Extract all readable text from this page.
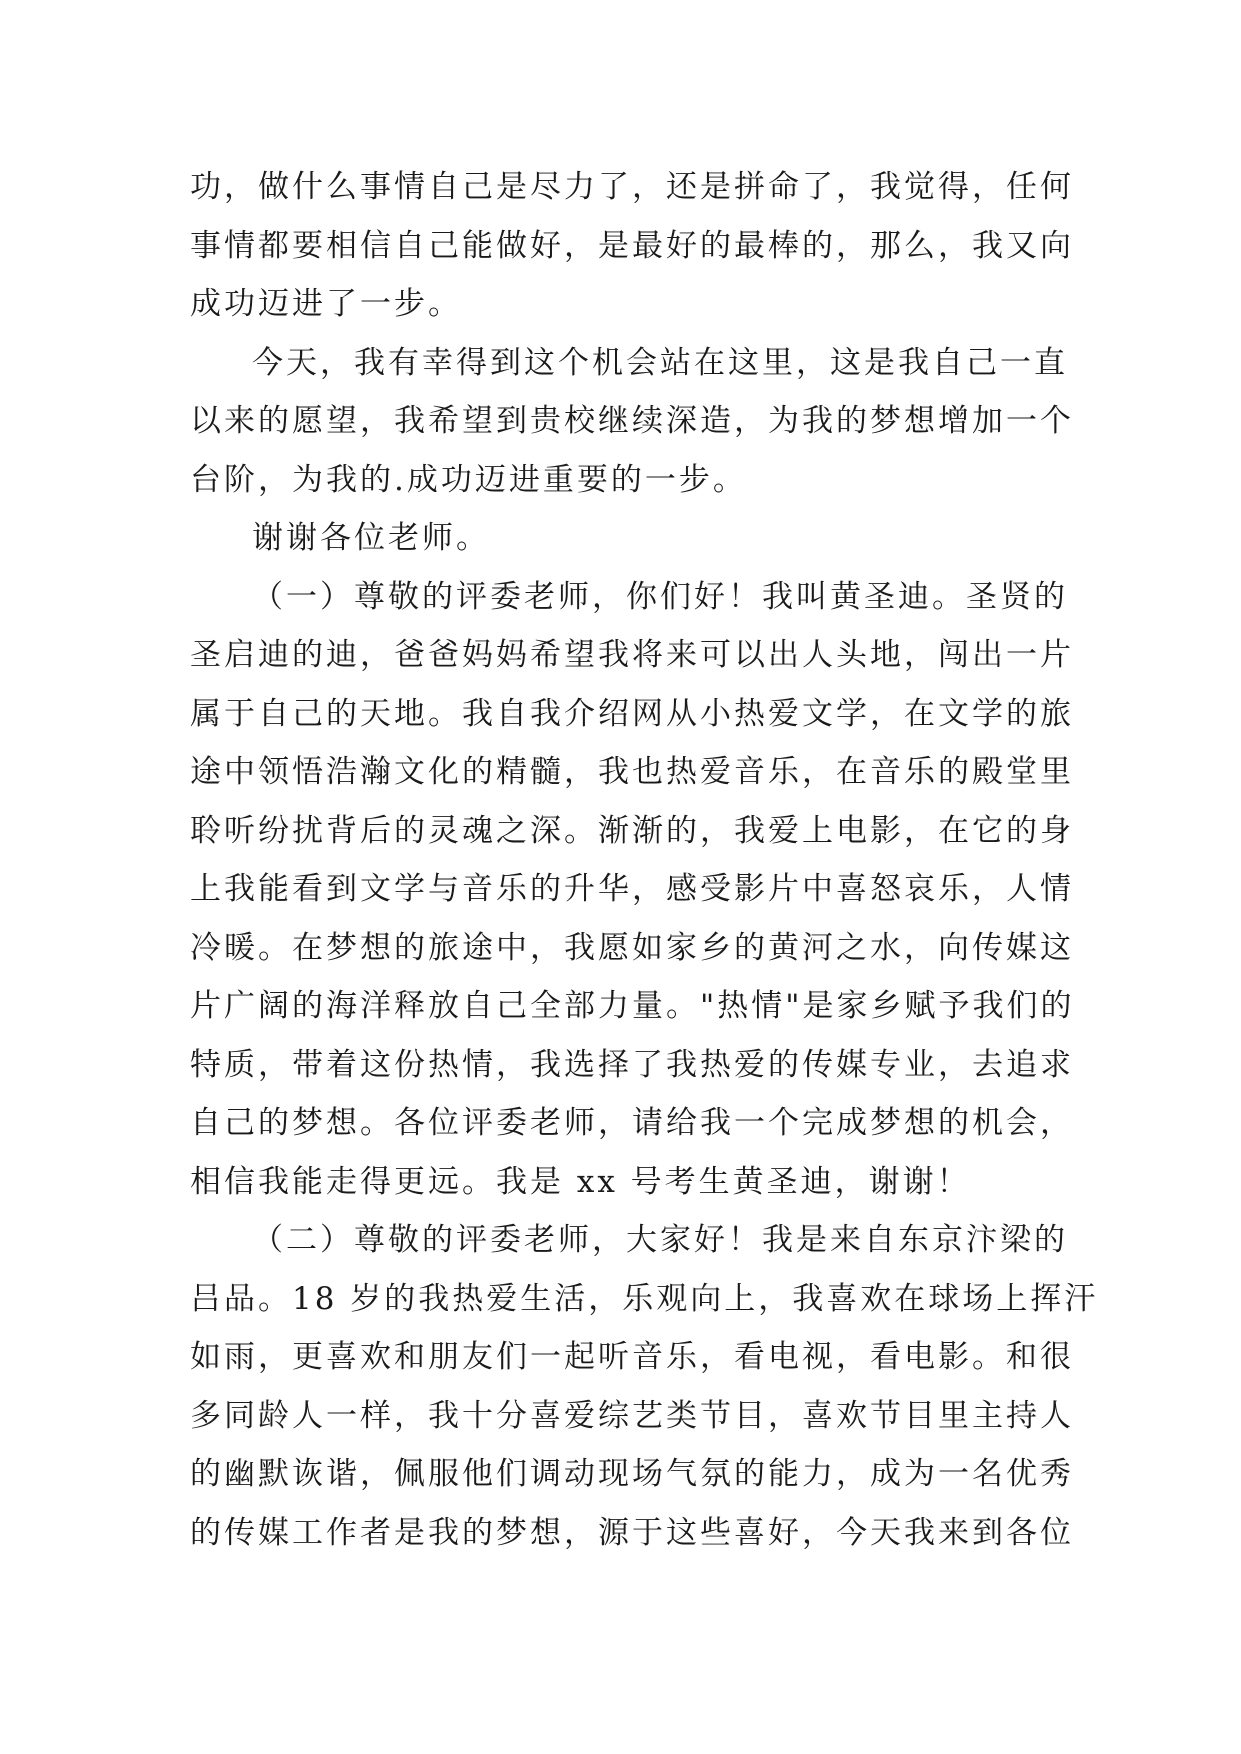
功，做什么事情自己是尽力了，还是拼命了，我觉得，任何
事情都要相信自己能做好，是最好的最棒的，那么，我又向
成功迈进了一步。
今天，我有幸得到这个机会站在这里，这是我自己一直
以来的愿望，我希望到贵校继续深造，为我的梦想增加一个
台阶，为我的.成功迈进重要的一步。
谢谢各位老师。
（一）尊敬的评委老师，你们好！我叫黄圣迪。圣贤的
圣启迪的迪，爸爸妈妈希望我将来可以出人头地，闯出一片
属于自己的天地。我自我介绍网从小热爱文学，在文学的旅
途中领悟浩瀚文化的精髓，我也热爱音乐，在音乐的殿堂里
聆听纷扰背后的灵魂之深。渐渐的，我爱上电影，在它的身
上我能看到文学与音乐的升华，感受影片中喜怒哀乐，人情
冷暖。在梦想的旅途中，我愿如家乡的黄河之水，向传媒这
片广阔的海洋释放自己全部力量。"热情"是家乡赋予我们的
特质，带着这份热情，我选择了我热爱的传媒专业，去追求
自己的梦想。各位评委老师，请给我一个完成梦想的机会，
相信我能走得更远。我是 xx 号考生黄圣迪，谢谢！
（二）尊敬的评委老师，大家好！我是来自东京汴梁的
吕品。18 岁的我热爱生活，乐观向上，我喜欢在球场上挥汗
如雨，更喜欢和朋友们一起听音乐，看电视，看电影。和很
多同龄人一样，我十分喜爱综艺类节目，喜欢节目里主持人
的幽默诙谐，佩服他们调动现场气氛的能力，成为一名优秀
的传媒工作者是我的梦想，源于这些喜好，今天我来到各位
